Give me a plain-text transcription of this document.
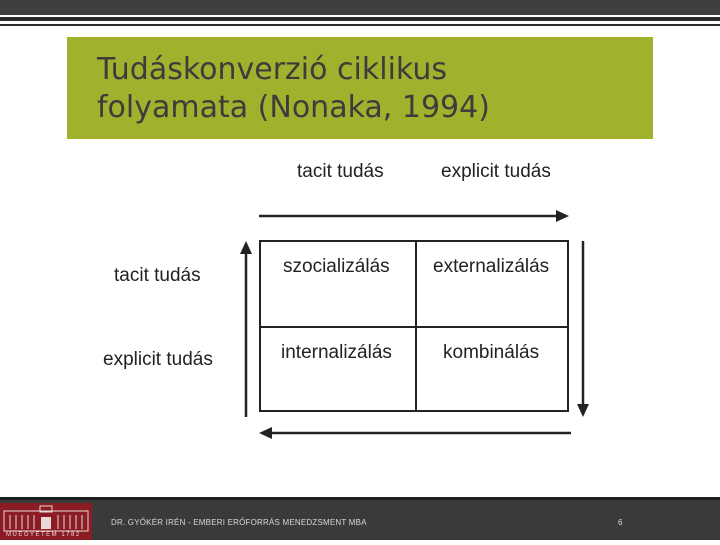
Tudáskonverzió ciklikus
folyamata (Nonaka, 1994)
tacit tudás	explicit tudás
tacit tudás
explicit tudás
szocializálás externalizálás
internalizálás	kombinálás
MŰEGYETEM 1782
DR. GYŐKÉR IRÉN - EMBERI ERŐFORRÁS MENEDZSMENT MBA	6
